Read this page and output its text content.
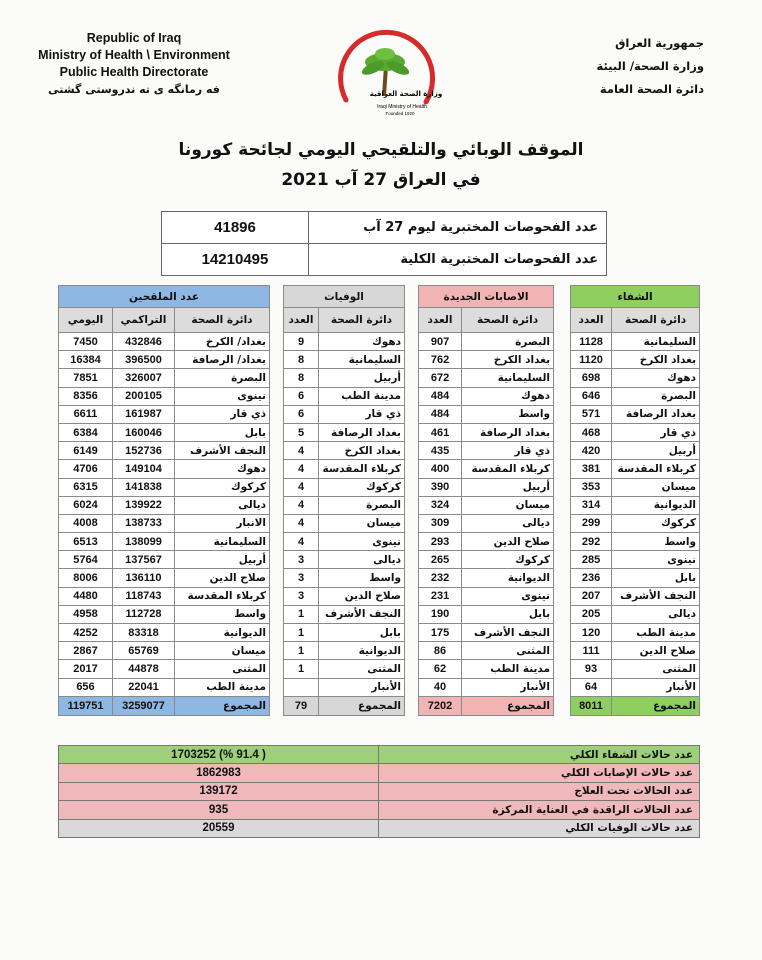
Republic of Iraq
Ministry of Health \ Environment
Public Health Directorate
فه رمانگه ی ته ندروستی گشتی	وزارة الصحة العراقية
Iraqi Ministry of Health
Founded 1920
جمهورية العراق
وزارة الصحة/ البيئة
دائرة الصحة العامة
الموقف الوبائي والتلقيحي اليومي لجائحة كورونا
في العراق 27 آب 2021
عدد الفحوصات المختبرية ليوم 27 آب	41896
عدد الفحوصات المختبرية الكلية	14210495
الشفاء	
دائرة الصحة	العدد
السليمانية	1128
بغداد الكرخ	1120
دهوك	698
البصرة	646
بغداد الرصافة	571
ذي قار	468
أربيل	420
كربلاء المقدسة	381
ميسان	353
الديوانية	314
كركوك	299
واسط	292
نينوى	285
بابل	236
النجف الأشرف	207
ديالى	205
مدينة الطب	120
صلاح الدين	111
المثنى	93
الأنبار	64
المجموع	8011
الاصابات الجديدة	
دائرة الصحة	العدد
البصرة	907
بغداد الكرخ	762
السليمانية	672
دهوك	484
واسط	484
بغداد الرصافة	461
ذي قار	435
كربلاء المقدسة	400
أربيل	390
ميسان	324
ديالى	309
صلاح الدين	293
كركوك	265
الديوانية	232
نينوى	231
بابل	190
النجف الأشرف	175
المثنى	86
مدينة الطب	62
الأنبار	40
المجموع	7202
الوفيات	
دائرة الصحة	العدد
دهوك	9
السليمانية	8
أربيل	8
مدينة الطب	6
ذي قار	6
بغداد الرصافة	5
بغداد الكرخ	4
كربلاء المقدسة	4
كركوك	4
البصرة	4
ميسان	4
نينوى	4
ديالى	3
واسط	3
صلاح الدين	3
النجف الأشرف	1
بابل	1
الديوانية	1
المثنى	1
الأنبار	
المجموع	79
عدد الملقحين		
دائرة الصحة	التراكمي	اليومي
بغداد/ الكرخ	432846	7450
بغداد/ الرصافة	396500	16384
البصرة	326007	7851
نينوى	200105	8356
ذي قار	161987	6611
بابل	160046	6384
النجف الأشرف	152736	6149
دهوك	149104	4706
كركوك	141838	6315
ديالى	139922	6024
الانبار	138733	4008
السليمانية	138099	6513
أربيل	137567	5764
صلاح الدين	136110	8006
كربلاء المقدسة	118743	4480
واسط	112728	4958
الديوانية	83318	4252
ميسان	65769	2867
المثنى	44878	2017
مدينة الطب	22041	656
المجموع	3259077	119751
عدد حالات الشفاء الكلي	( 91.4 %) 1703252
عدد حالات الإصابات الكلي	1862983
عدد الحالات تحت العلاج	139172
عدد الحالات الراقدة في العناية المركزة	935
عدد حالات الوفيات الكلي	20559
